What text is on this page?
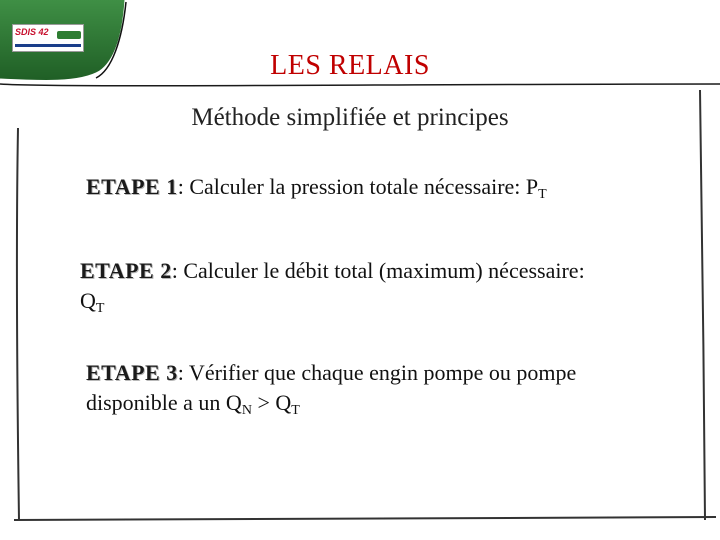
SDIS 42
LES RELAIS
Méthode simplifiée et principes
ETAPE 1: Calculer la pression totale nécessaire: $P_T$
ETAPE 2: Calculer le débit total (maximum) nécessaire:
$Q_T$
ETAPE 3: Vérifier que chaque engin pompe ou pompe
disponible a un $Q_N > Q_T$
